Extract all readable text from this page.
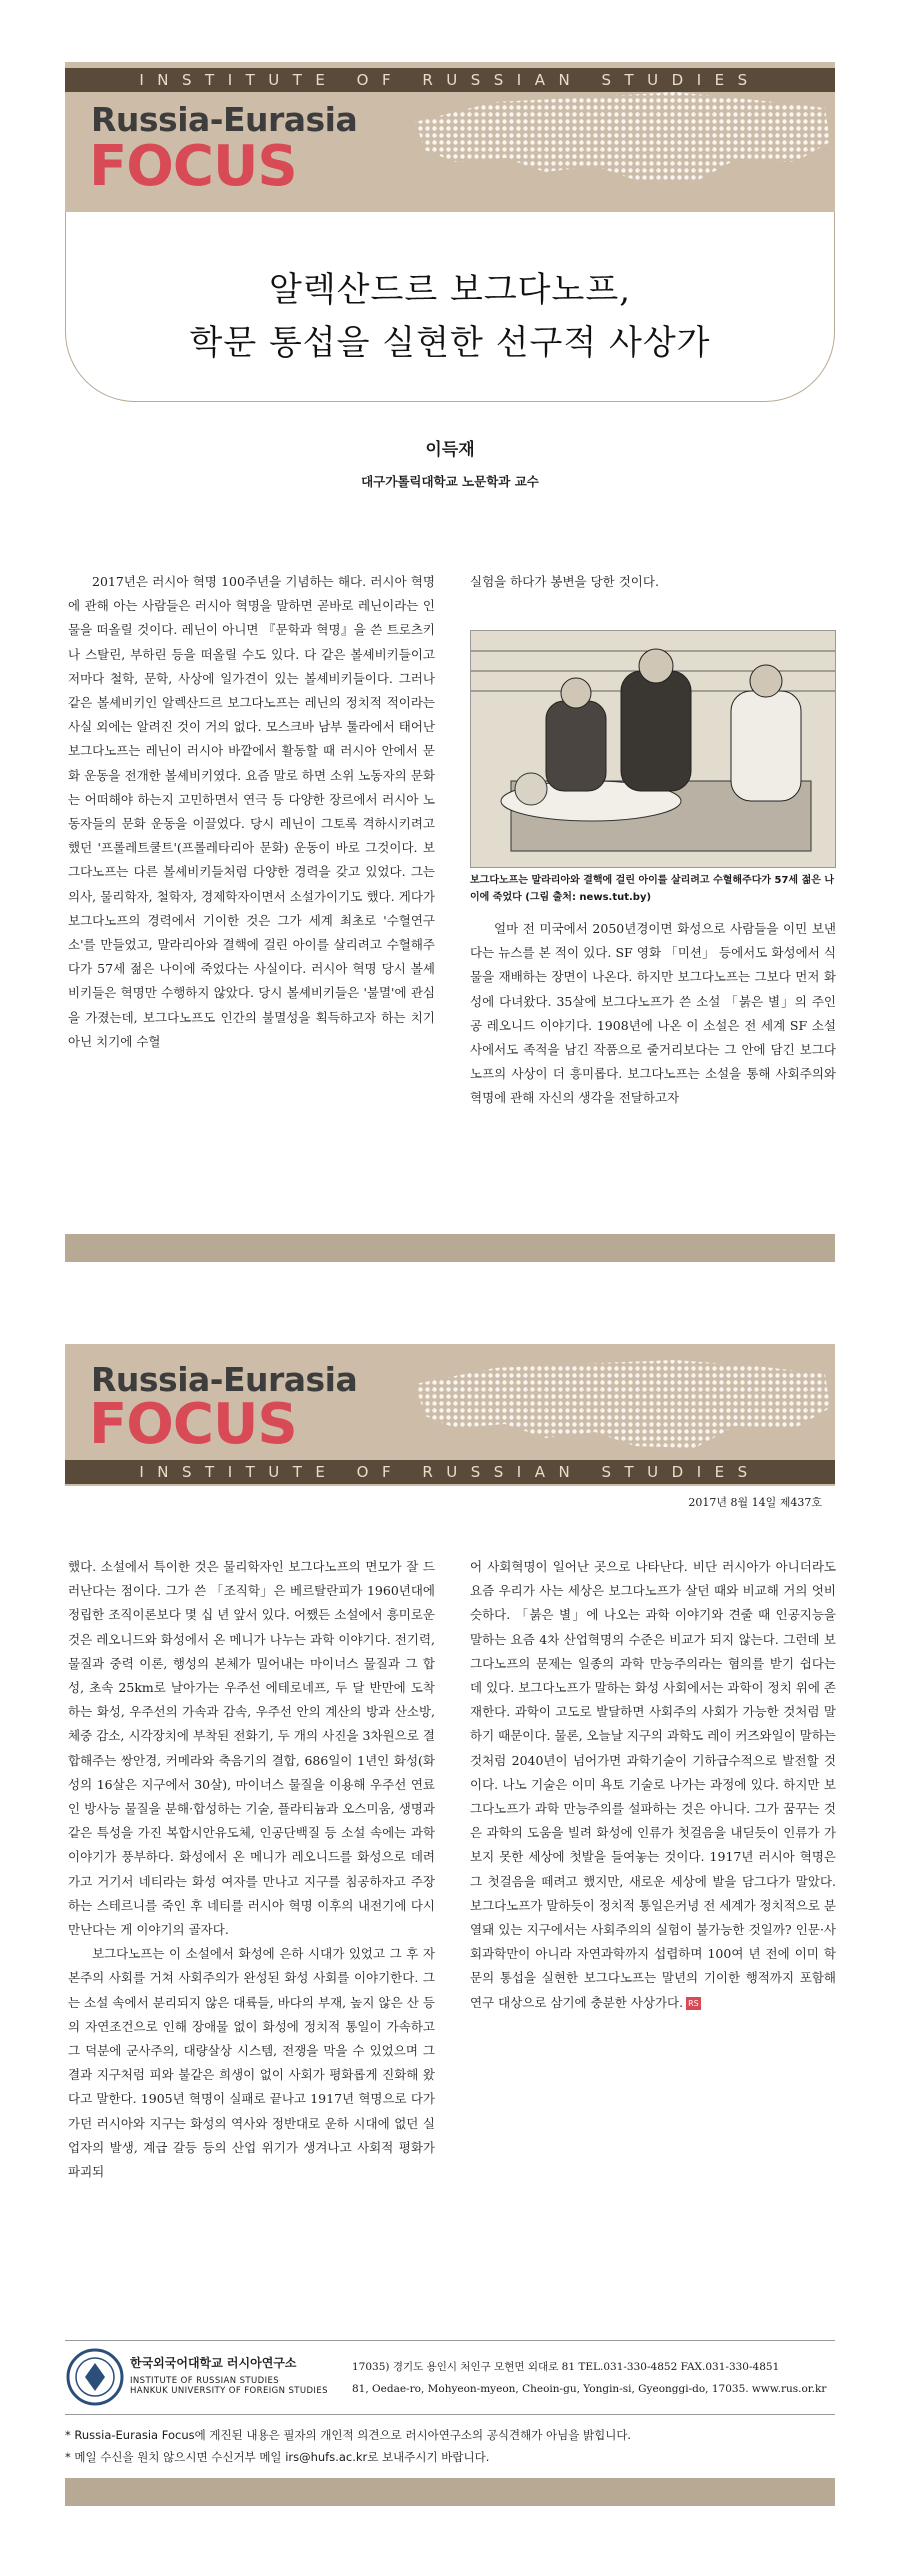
INSTITUTE OF RUSSIAN STUDIES
Russia-Eurasia
FOCUS
알렉산드르 보그다노프,
학문 통섭을 실현한 선구적 사상가
이득재
대구가톨릭대학교 노문학과 교수

2017년은 러시아 혁명 100주년을 기념하는 해다. 러시아 혁명에 관해 아는 사람들은 러시아 혁명을 말하면 곧바로 레닌이라는 인물을 떠올릴 것이다. 레닌이 아니면 『문학과 혁명』을 쓴 트로츠키나 스탈린, 부하린 등을 떠올릴 수도 있다. 다 같은 볼셰비키들이고 저마다 철학, 문학, 사상에 일가견이 있는 볼셰비키들이다. 그러나 같은 볼셰비키인 알렉산드르 보그다노프는 레닌의 정치적 적이라는 사실 외에는 알려진 것이 거의 없다. 모스크바 남부 툴라에서 태어난 보그다노프는 레닌이 러시아 바깥에서 활동할 때 러시아 안에서 문화 운동을 전개한 볼셰비키였다. 요즘 말로 하면 소위 노동자의 문화는 어떠해야 하는지 고민하면서 연극 등 다양한 장르에서 러시아 노동자들의 문화 운동을 이끌었다. 당시 레닌이 그토록 격하시키려고 했던 '프롤레트쿨트'(프롤레타리아 문화) 운동이 바로 그것이다. 보그다노프는 다른 볼셰비키들처럼 다양한 경력을 갖고 있었다. 그는 의사, 물리학자, 철학자, 경제학자이면서 소설가이기도 했다. 게다가 보그다노프의 경력에서 기이한 것은 그가 세계 최초로 '수혈연구소'를 만들었고, 말라리아와 결핵에 걸린 아이를 살리려고 수혈해주다가 57세 젊은 나이에 죽었다는 사실이다. 러시아 혁명 당시 볼셰비키들은 혁명만 수행하지 않았다. 당시 볼셰비키들은 '불멸'에 관심을 가졌는데, 보그다노프도 인간의 불멸성을 획득하고자 하는 치기 아닌 치기에 수혈

실험을 하다가 봉변을 당한 것이다.

보그다노프는 말라리아와 결핵에 걸린 아이를 살리려고 수혈해주다가 57세 젊은 나이에 죽었다 (그림 출처: news.tut.by)

얼마 전 미국에서 2050년경이면 화성으로 사람들을 이민 보낸다는 뉴스를 본 적이 있다. SF 영화 「미션」 등에서도 화성에서 식물을 재배하는 장면이 나온다. 하지만 보그다노프는 그보다 먼저 화성에 다녀왔다. 35살에 보그다노프가 쓴 소설 「붉은 별」의 주인공 레오니드 이야기다. 1908년에 나온 이 소설은 전 세계 SF 소설사에서도 족적을 남긴 작품으로 줄거리보다는 그 안에 담긴 보그다노프의 사상이 더 흥미롭다. 보그다노프는 소설을 통해 사회주의와 혁명에 관해 자신의 생각을 전달하고자

Russia-Eurasia
FOCUS
INSTITUTE OF RUSSIAN STUDIES
2017년 8월 14일 제437호

했다. 소설에서 특이한 것은 물리학자인 보그다노프의 면모가 잘 드러난다는 점이다. 그가 쓴 「조직학」은 베르탈란피가 1960년대에 정립한 조직이론보다 몇 십 년 앞서 있다. 어쨌든 소설에서 흥미로운 것은 레오니드와 화성에서 온 메니가 나누는 과학 이야기다. 전기력, 물질과 중력 이론, 행성의 본체가 밀어내는 마이너스 물질과 그 합성, 초속 25km로 날아가는 우주선 에테로네프, 두 달 반만에 도착하는 화성, 우주선의 가속과 감속, 우주선 안의 계산의 방과 산소방, 체중 감소, 시각장치에 부착된 전화기, 두 개의 사진을 3차원으로 결합해주는 쌍안경, 커메라와 축음기의 결합, 686일이 1년인 화성(화성의 16살은 지구에서 30살), 마이너스 물질을 이용해 우주선 연료인 방사능 물질을 분해·합성하는 기술, 플라티늄과 오스미움, 생명과 같은 특성을 가진 복합시안유도체, 인공단백질 등 소설 속에는 과학 이야기가 풍부하다. 화성에서 온 메니가 레오니드를 화성으로 데려가고 거기서 네티라는 화성 여자를 만나고 지구를 침공하자고 주장하는 스테르니를 죽인 후 네티를 러시아 혁명 이후의 내전기에 다시 만난다는 게 이야기의 골자다.

보그다노프는 이 소설에서 화성에 은하 시대가 있었고 그 후 자본주의 사회를 거쳐 사회주의가 완성된 화성 사회를 이야기한다. 그는 소설 속에서 분리되지 않은 대륙들, 바다의 부재, 높지 않은 산 등의 자연조건으로 인해 장애물 없이 화성에 정치적 통일이 가속하고 그 덕분에 군사주의, 대량살상 시스템, 전쟁을 막을 수 있었으며 그 결과 지구처럼 피와 불같은 희생이 없이 사회가 평화롭게 진화해 왔다고 말한다. 1905년 혁명이 실패로 끝나고 1917년 혁명으로 다가가던 러시아와 지구는 화성의 역사와 정반대로 운하 시대에 없던 실업자의 발생, 계급 갈등 등의 산업 위기가 생겨나고 사회적 평화가 파괴되

어 사회혁명이 일어난 곳으로 나타난다. 비단 러시아가 아니더라도 요즘 우리가 사는 세상은 보그다노프가 살던 때와 비교해 거의 엇비슷하다. 「붉은 별」에 나오는 과학 이야기와 견줄 때 인공지능을 말하는 요즘 4차 산업혁명의 수준은 비교가 되지 않는다. 그런데 보그다노프의 문제는 일종의 과학 만능주의라는 혐의를 받기 쉽다는 데 있다. 보그다노프가 말하는 화성 사회에서는 과학이 정치 위에 존재한다. 과학이 고도로 발달하면 사회주의 사회가 가능한 것처럼 말하기 때문이다. 물론, 오늘날 지구의 과학도 레이 커즈와일이 말하는 것처럼 2040년이 넘어가면 과학기술이 기하급수적으로 발전할 것이다. 나노 기술은 이미 욕토 기술로 나가는 과정에 있다. 하지만 보그다노프가 과학 만능주의를 설파하는 것은 아니다. 그가 꿈꾸는 것은 과학의 도움을 빌려 화성에 인류가 첫걸음을 내딛듯이 인류가 가보지 못한 세상에 첫발을 들여놓는 것이다. 1917년 러시아 혁명은 그 첫걸음을 떼려고 했지만, 새로운 세상에 발을 담그다가 말았다. 보그다노프가 말하듯이 정치적 통일은커녕 전 세계가 정치적으로 분열돼 있는 지구에서는 사회주의의 실험이 불가능한 것일까? 인문·사회과학만이 아니라 자연과학까지 섭렵하며 100여 년 전에 이미 학문의 통섭을 실현한 보그다노프는 말년의 기이한 행적까지 포함해 연구 대상으로 삼기에 충분한 사상가다. RS

한국외국어대학교 러시아연구소
INSTITUTE OF RUSSIAN STUDIES
HANKUK UNIVERSITY OF FOREIGN STUDIES
17035) 경기도 용인시 처인구 모현면 외대로 81 TEL.031-330-4852 FAX.031-330-4851
81, Oedae-ro, Mohyeon-myeon, Cheoin-gu, Yongin-si, Gyeonggi-do, 17035. www.rus.or.kr
* Russia-Eurasia Focus에 게진된 내용은 필자의 개인적 의견으로 러시아연구소의 공식견해가 아님을 밝힙니다.
* 메일 수신을 원치 않으시면 수신거부 메일 irs@hufs.ac.kr로 보내주시기 바랍니다.
